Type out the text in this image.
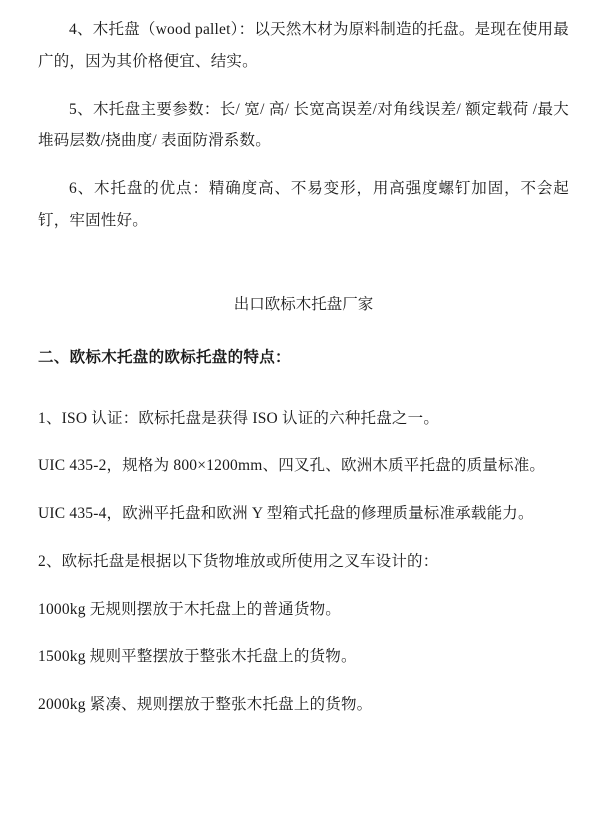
4、木托盘（wood pallet）：以天然木材为原料制造的托盘。是现在使用最广的，因为其价格便宜、结实。

5、木托盘主要参数：长/ 宽/ 高/ 长宽高误差/对角线误差/ 额定载荷 /最大堆码层数/挠曲度/ 表面防滑系数。

6、木托盘的优点：精确度高、不易变形，用高强度螺钉加固，不会起钉，牢固性好。

出口欧标木托盘厂家

二、欧标木托盘的欧标托盘的特点：

1、ISO 认证：欧标托盘是获得 ISO 认证的六种托盘之一。

UIC 435-2，规格为 800×1200mm、四叉孔、欧洲木质平托盘的质量标准。

UIC 435-4，欧洲平托盘和欧洲 Y 型箱式托盘的修理质量标准承载能力。

2、欧标托盘是根据以下货物堆放或所使用之叉车设计的：

1000kg 无规则摆放于木托盘上的普通货物。

1500kg 规则平整摆放于整张木托盘上的货物。

2000kg 紧凑、规则摆放于整张木托盘上的货物。
